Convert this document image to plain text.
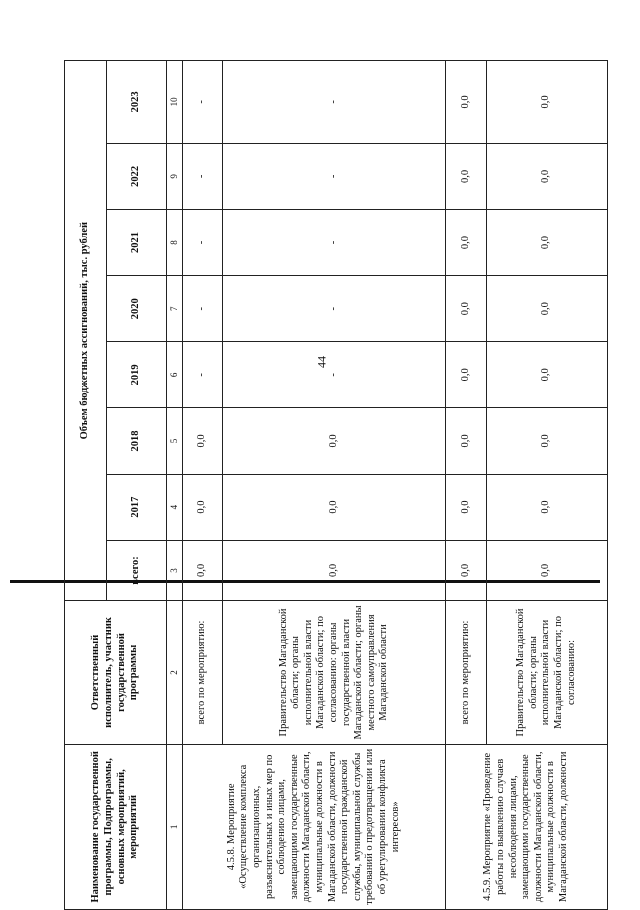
44
Наименование государственной программы, Подпрограммы, основных мероприятий, мероприятий	Ответственный исполнитель, участник государственной программы	Объем бюджетных ассигнований, тыс. рублей							
		всего:	2017	2018	2019	2020	2021	2022	2023
1	2	3	4	5	6	7	8	9	10
4.5.8. Мероприятие «Осуществление комплекса организационных, разъяснительных и иных мер по соблюдению лицами, замещающими государственные должности Магаданской области, муниципальные должности в Магаданской области, должности государственной гражданской службы, муниципальной службы требований о предотвращении или об урегулировании конфликта интересов»	всего по мероприятию:	0,0	0,0	0,0	-	-	-	-	-
	Правительство Магаданской области; органы исполнительной власти Магаданской области; по согласованию: органы государственной власти Магаданской области; органы местного самоуправления Магаданской области	0,0	0,0	0,0	-	-	-	-	-
4.5.9. Мероприятие «Проведение работы по выявлению случаев несоблюдения лицами, замещающими государственные должности Магаданской области, муниципальные должности в Магаданской области, должности	всего по мероприятию:	0,0	0,0	0,0	0,0	0,0	0,0	0,0	0,0
	Правительство Магаданской области; органы исполнительной власти Магаданской области; по согласованию:	0,0	0,0	0,0	0,0	0,0	0,0	0,0	0,0
